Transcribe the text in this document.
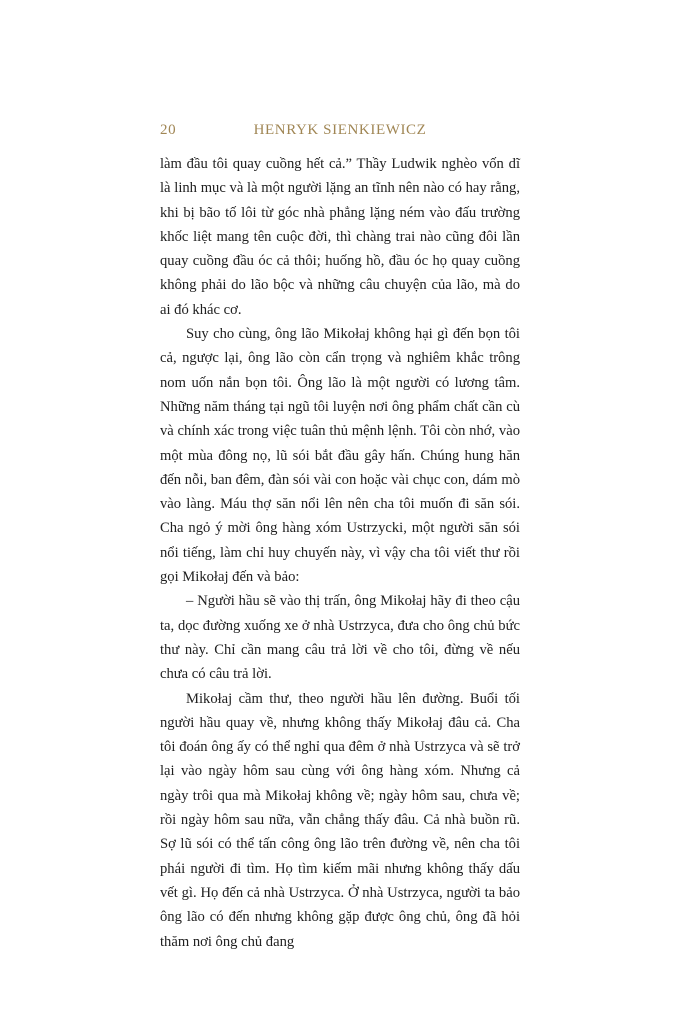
20	HENRYK SIENKIEWICZ

làm đầu tôi quay cuồng hết cả.” Thầy Ludwik nghèo vốn dĩ là linh mục và là một người lặng an tĩnh nên nào có hay rằng, khi bị bão tố lôi từ góc nhà phẳng lặng ném vào đấu trường khốc liệt mang tên cuộc đời, thì chàng trai nào cũng đôi lần quay cuồng đầu óc cả thôi; huống hồ, đầu óc họ quay cuồng không phải do lão bộc và những câu chuyện của lão, mà do ai đó khác cơ.

Suy cho cùng, ông lão Mikołaj không hại gì đến bọn tôi cả, ngược lại, ông lão còn cẩn trọng và nghiêm khắc trông nom uốn nắn bọn tôi. Ông lão là một người có lương tâm. Những năm tháng tại ngũ tôi luyện nơi ông phẩm chất cần cù và chính xác trong việc tuân thủ mệnh lệnh. Tôi còn nhớ, vào một mùa đông nọ, lũ sói bắt đầu gây hấn. Chúng hung hăn đến nỗi, ban đêm, đàn sói vài con hoặc vài chục con, dám mò vào làng. Máu thợ săn nổi lên nên cha tôi muốn đi săn sói. Cha ngỏ ý mời ông hàng xóm Ustrzycki, một người săn sói nổi tiếng, làm chỉ huy chuyến này, vì vậy cha tôi viết thư rồi gọi Mikołaj đến và bảo:

– Người hầu sẽ vào thị trấn, ông Mikołaj hãy đi theo cậu ta, dọc đường xuống xe ở nhà Ustrzyca, đưa cho ông chủ bức thư này. Chỉ cần mang câu trả lời về cho tôi, đừng về nếu chưa có câu trả lời.

Mikołaj cầm thư, theo người hầu lên đường. Buổi tối người hầu quay về, nhưng không thấy Mikołaj đâu cả. Cha tôi đoán ông ấy có thể nghỉ qua đêm ở nhà Ustrzyca và sẽ trở lại vào ngày hôm sau cùng với ông hàng xóm. Nhưng cả ngày trôi qua mà Mikołaj không về; ngày hôm sau, chưa về; rồi ngày hôm sau nữa, vẫn chẳng thấy đâu. Cả nhà buồn rũ. Sợ lũ sói có thể tấn công ông lão trên đường về, nên cha tôi phái người đi tìm. Họ tìm kiếm mãi nhưng không thấy dấu vết gì. Họ đến cả nhà Ustrzyca. Ở nhà Ustrzyca, người ta bảo ông lão có đến nhưng không gặp được ông chủ, ông đã hỏi thăm nơi ông chủ đang
